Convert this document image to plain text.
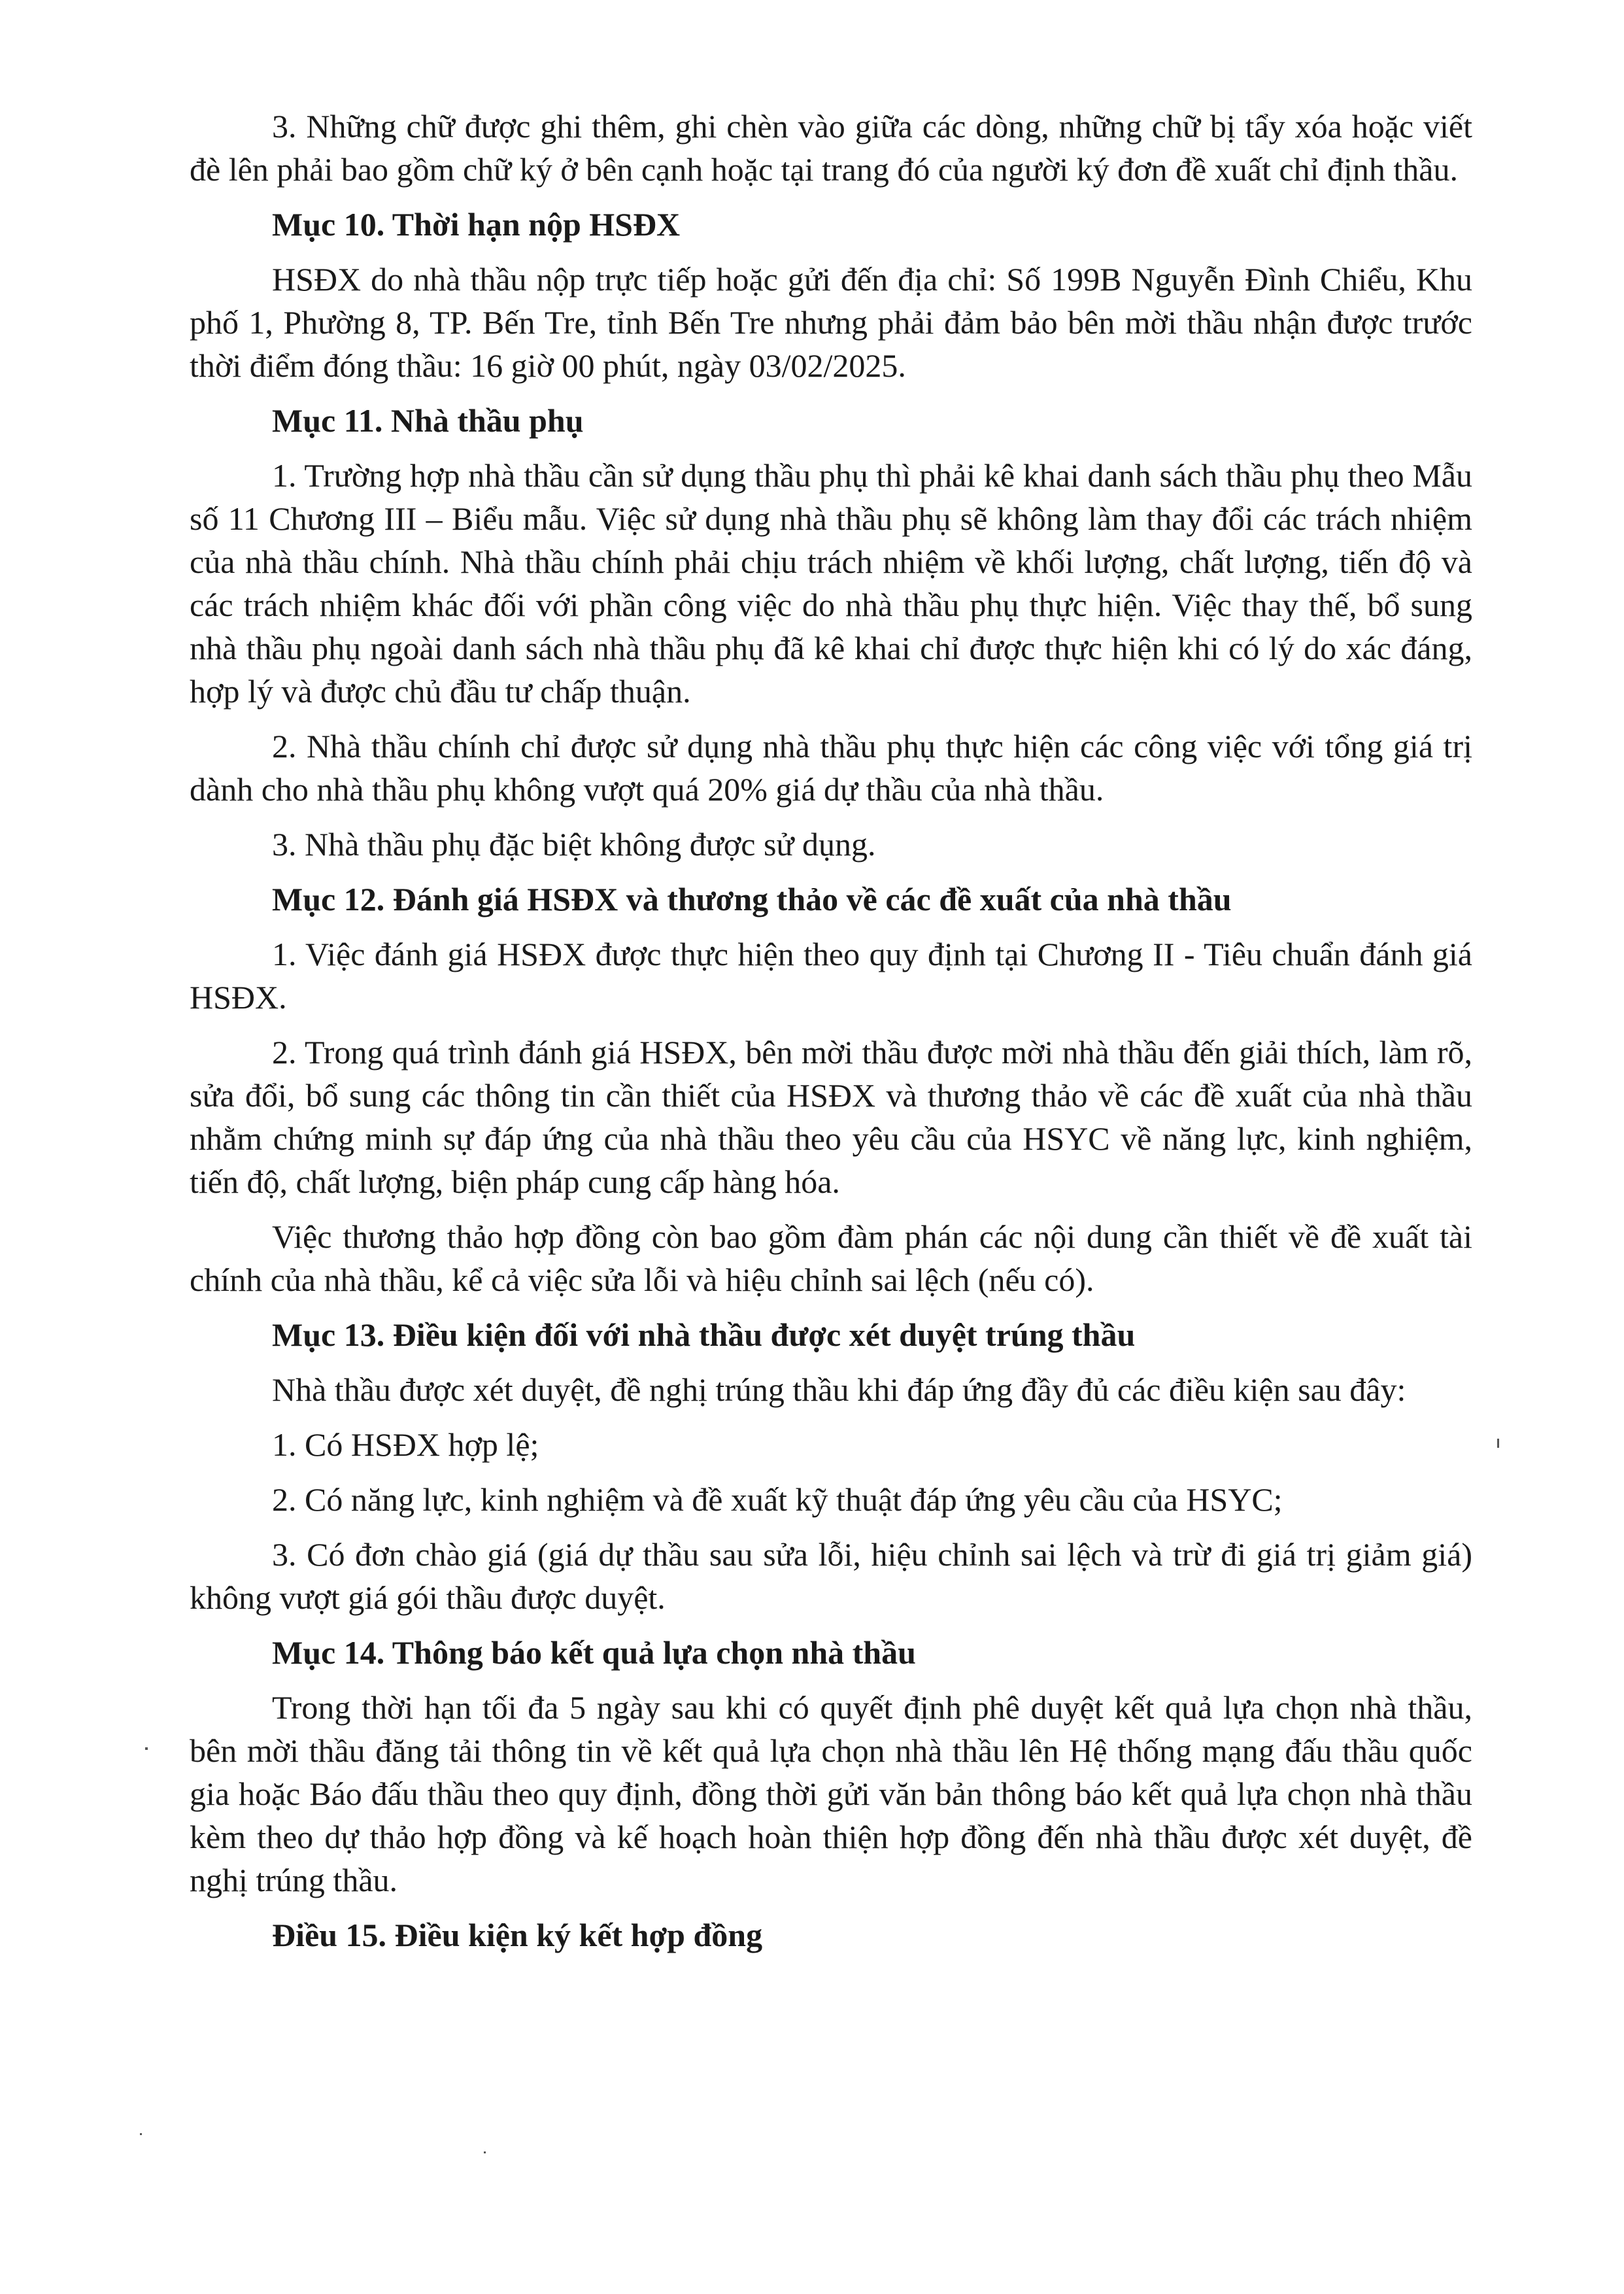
3. Những chữ được ghi thêm, ghi chèn vào giữa các dòng, những chữ bị tẩy xóa hoặc viết đè lên phải bao gồm chữ ký ở bên cạnh hoặc tại trang đó của người ký đơn đề xuất chỉ định thầu.

Mục 10. Thời hạn nộp HSĐX

HSĐX do nhà thầu nộp trực tiếp hoặc gửi đến địa chỉ: Số 199B Nguyễn Đình Chiểu, Khu phố 1, Phường 8, TP. Bến Tre, tỉnh Bến Tre nhưng phải đảm bảo bên mời thầu nhận được trước thời điểm đóng thầu: 16 giờ 00 phút, ngày 03/02/2025.

Mục 11. Nhà thầu phụ

1. Trường hợp nhà thầu cần sử dụng thầu phụ thì phải kê khai danh sách thầu phụ theo Mẫu số 11 Chương III – Biểu mẫu. Việc sử dụng nhà thầu phụ sẽ không làm thay đổi các trách nhiệm của nhà thầu chính. Nhà thầu chính phải chịu trách nhiệm về khối lượng, chất lượng, tiến độ và các trách nhiệm khác đối với phần công việc do nhà thầu phụ thực hiện. Việc thay thế, bổ sung nhà thầu phụ ngoài danh sách nhà thầu phụ đã kê khai chỉ được thực hiện khi có lý do xác đáng, hợp lý và được chủ đầu tư chấp thuận.

2. Nhà thầu chính chỉ được sử dụng nhà thầu phụ thực hiện các công việc với tổng giá trị dành cho nhà thầu phụ không vượt quá 20% giá dự thầu của nhà thầu.

3. Nhà thầu phụ đặc biệt không được sử dụng.

Mục 12. Đánh giá HSĐX và thương thảo về các đề xuất của nhà thầu

1. Việc đánh giá HSĐX được thực hiện theo quy định tại Chương II - Tiêu chuẩn đánh giá HSĐX.

2. Trong quá trình đánh giá HSĐX, bên mời thầu được mời nhà thầu đến giải thích, làm rõ, sửa đổi, bổ sung các thông tin cần thiết của HSĐX và thương thảo về các đề xuất của nhà thầu nhằm chứng minh sự đáp ứng của nhà thầu theo yêu cầu của HSYC về năng lực, kinh nghiệm, tiến độ, chất lượng, biện pháp cung cấp hàng hóa.

Việc thương thảo hợp đồng còn bao gồm đàm phán các nội dung cần thiết về đề xuất tài chính của nhà thầu, kể cả việc sửa lỗi và hiệu chỉnh sai lệch (nếu có).

Mục 13. Điều kiện đối với nhà thầu được xét duyệt trúng thầu

Nhà thầu được xét duyệt, đề nghị trúng thầu khi đáp ứng đầy đủ các điều kiện sau đây:

1. Có HSĐX hợp lệ;

2. Có năng lực, kinh nghiệm và đề xuất kỹ thuật đáp ứng yêu cầu của HSYC;

3. Có đơn chào giá (giá dự thầu sau sửa lỗi, hiệu chỉnh sai lệch và trừ đi giá trị giảm giá) không vượt giá gói thầu được duyệt.

Mục 14. Thông báo kết quả lựa chọn nhà thầu

Trong thời hạn tối đa 5 ngày sau khi có quyết định phê duyệt kết quả lựa chọn nhà thầu, bên mời thầu đăng tải thông tin về kết quả lựa chọn nhà thầu lên Hệ thống mạng đấu thầu quốc gia hoặc Báo đấu thầu theo quy định, đồng thời gửi văn bản thông báo kết quả lựa chọn nhà thầu kèm theo dự thảo hợp đồng và kế hoạch hoàn thiện hợp đồng đến nhà thầu được xét duyệt, đề nghị trúng thầu.

Điều 15. Điều kiện ký kết hợp đồng
